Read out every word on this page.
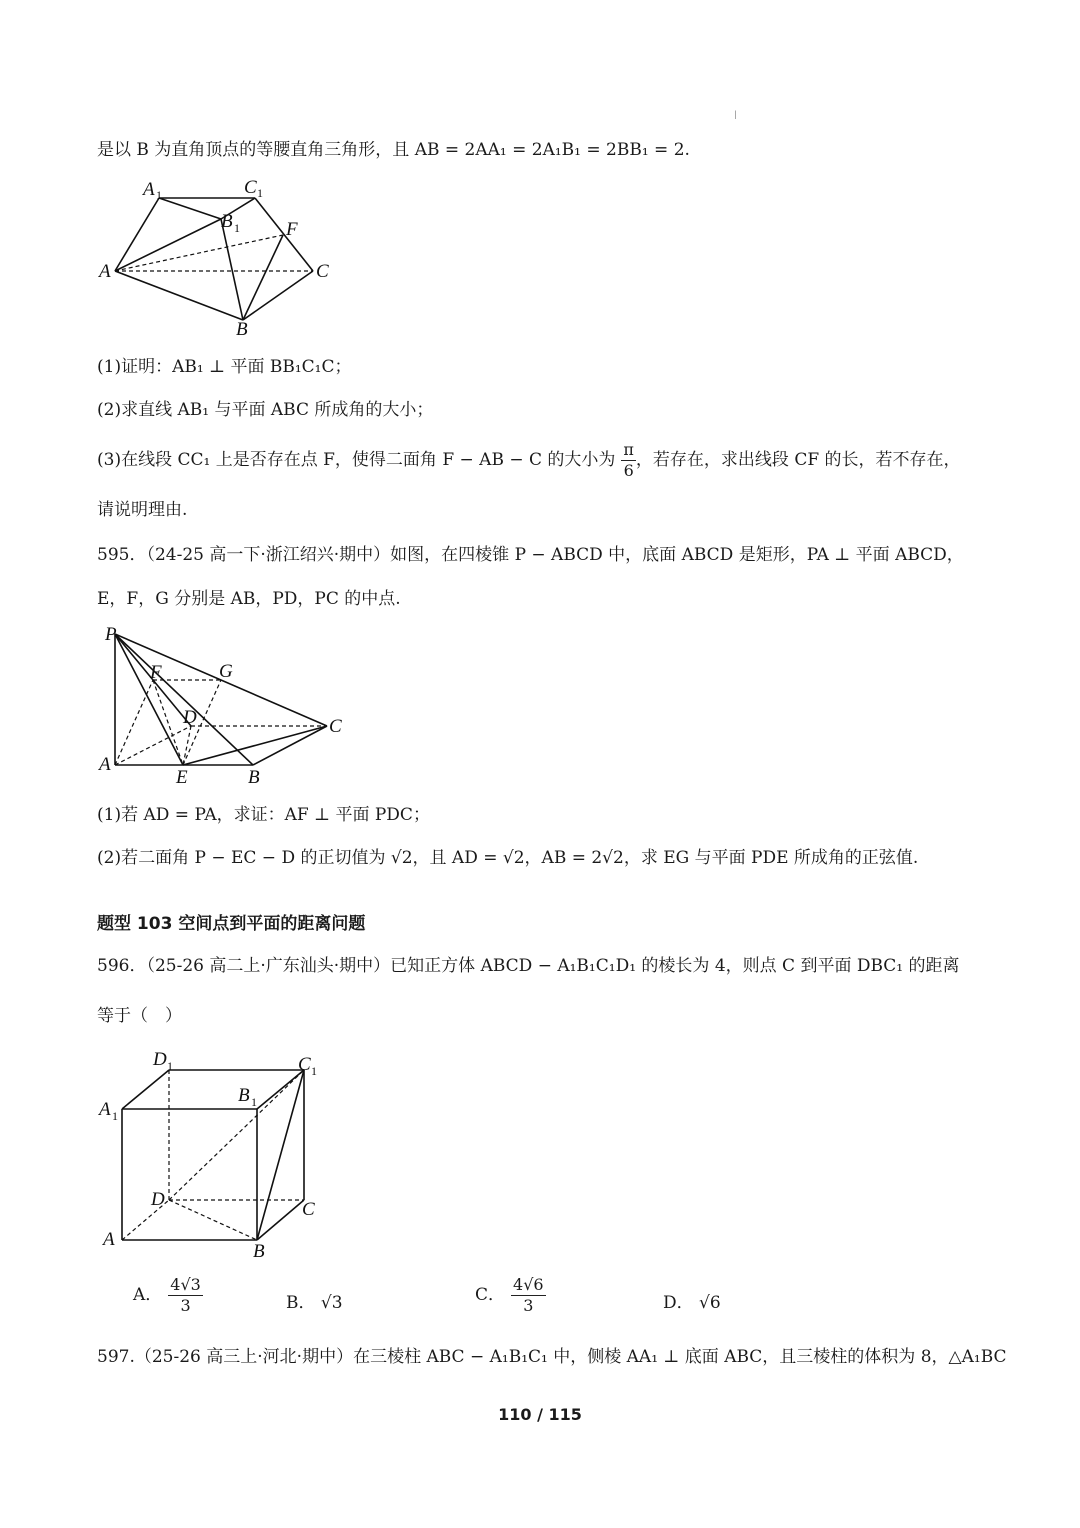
|
是以 B 为直角顶点的等腰直角三角形，且 AB = 2AA₁ = 2A₁B₁ = 2BB₁ = 2.
A
B
C
F
A 1
B 1
C 1
(1)证明：AB₁ ⊥ 平面 BB₁C₁C；
(2)求直线 AB₁ 与平面 ABC 所成角的大小；
(3)在线段 CC₁ 上是否存在点 F，使得二面角 F − AB − C 的大小为 $\frac{\pi}{6}$ ，若存在，求出线段 CF 的长，若不存在，
请说明理由.
595．（24-25 高一下·浙江绍兴·期中）如图，在四棱锥 P − ABCD 中，底面 ABCD 是矩形，PA ⊥ 平面 ABCD，
E，F，G 分别是 AB，PD，PC 的中点.
P
A
E	B
C
D
F	G
(1)若 AD = PA，求证：AF ⊥ 平面 PDC；
(2)若二面角 P − EC − D 的正切值为 √2，且 AD = √2，AB = 2√2，求 EG 与平面 PDE 所成角的正弦值.
题型 103 空间点到平面的距离问题
596．（25-26 高二上·广东汕头·期中）已知正方体 ABCD − A₁B₁C₁D₁ 的棱长为 4，则点 C 到平面 DBC₁ 的距离
等于（　）
A
B
C
D
A 1
B 1
C 1
D 1
A． $\frac{4√3}{3}$	B． √3	C． $\frac{4√6}{3}$	D． √6
597.（25-26 高三上·河北·期中）在三棱柱 ABC − A₁B₁C₁ 中，侧棱 AA₁ ⊥ 底面 ABC，且三棱柱的体积为 8，△A₁BC
110 / 115
